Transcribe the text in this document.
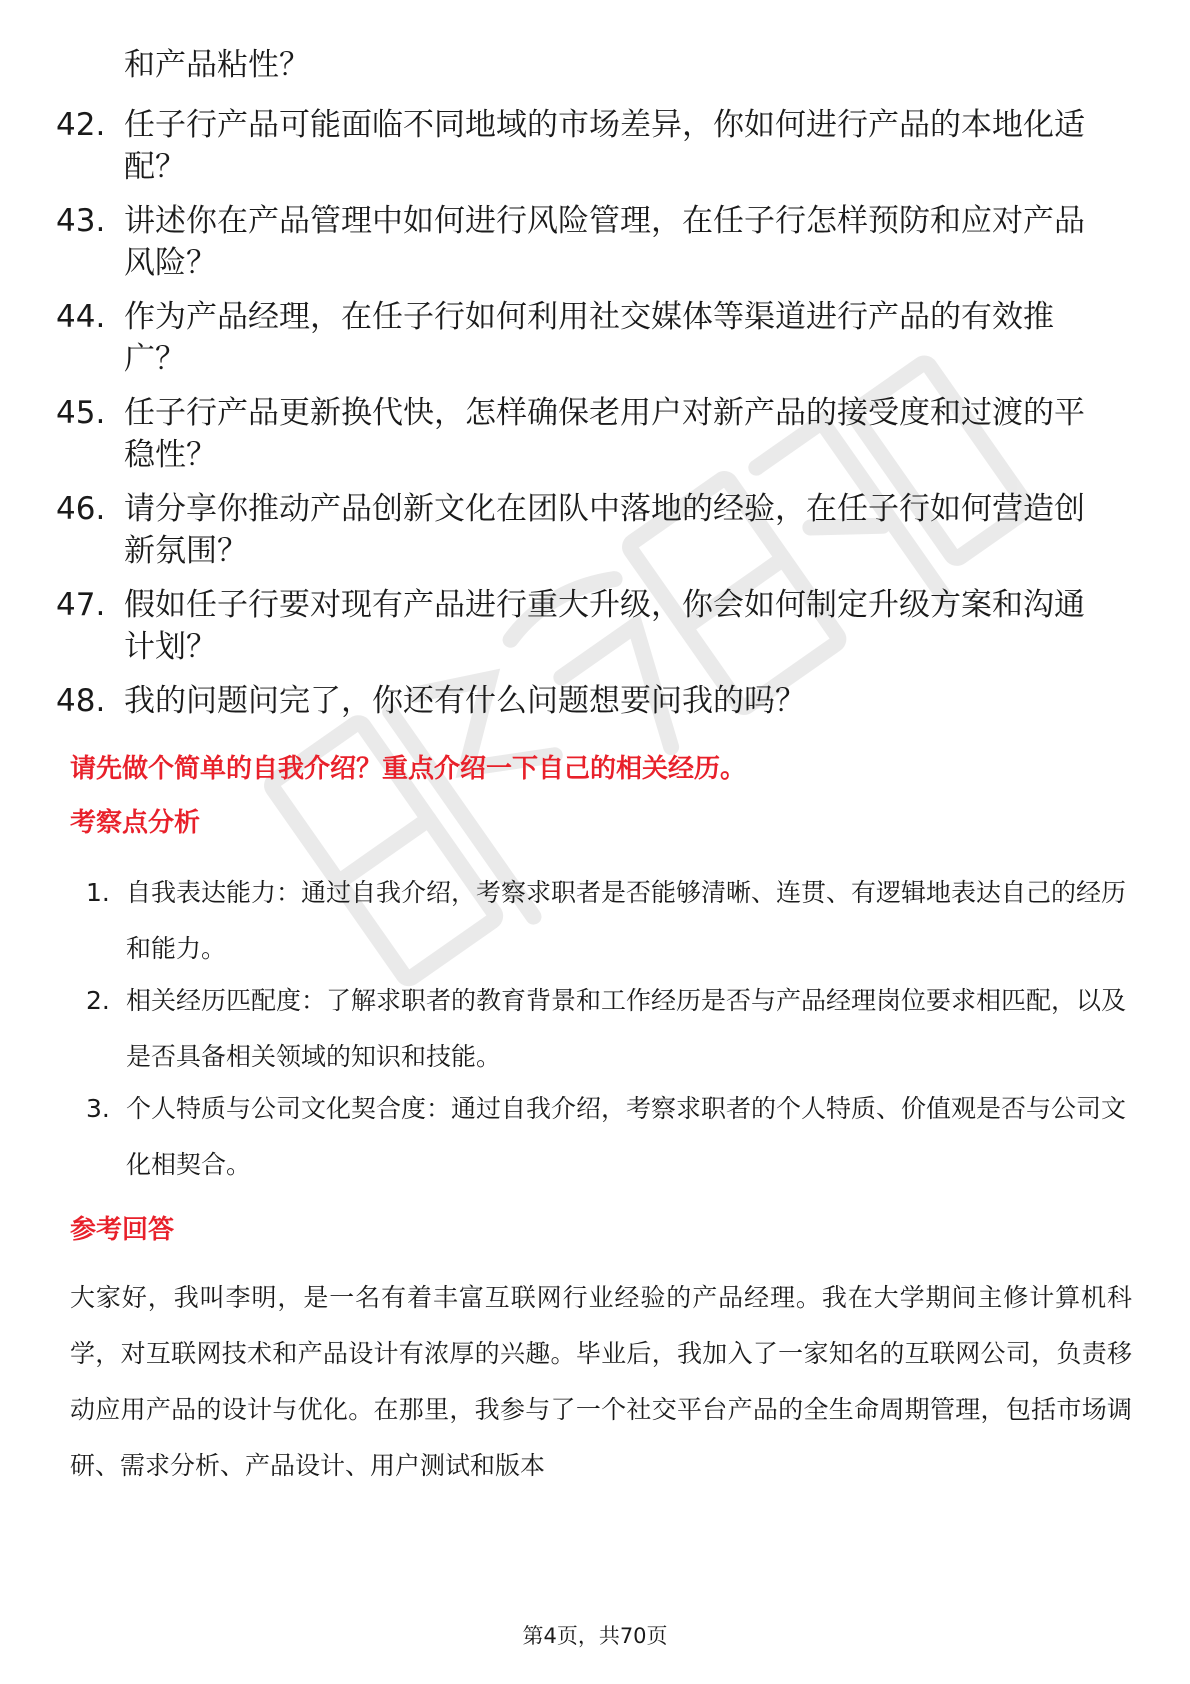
和产品粘性？

42. 任子行产品可能面临不同地域的市场差异，你如何进行产品的本地化适配？
43. 讲述你在产品管理中如何进行风险管理，在任子行怎样预防和应对产品风险？
44. 作为产品经理，在任子行如何利用社交媒体等渠道进行产品的有效推广？
45. 任子行产品更新换代快，怎样确保老用户对新产品的接受度和过渡的平稳性？
46. 请分享你推动产品创新文化在团队中落地的经验，在任子行如何营造创新氛围？
47. 假如任子行要对现有产品进行重大升级，你会如何制定升级方案和沟通计划？
48. 我的问题问完了，你还有什么问题想要问我的吗？

请先做个简单的自我介绍？重点介绍一下自己的相关经历。

考察点分析

1. 自我表达能力：通过自我介绍，考察求职者是否能够清晰、连贯、有逻辑地表达自己的经历和能力。
2. 相关经历匹配度：了解求职者的教育背景和工作经历是否与产品经理岗位要求相匹配，以及是否具备相关领域的知识和技能。
3. 个人特质与公司文化契合度：通过自我介绍，考察求职者的个人特质、价值观是否与公司文化相契合。

参考回答

大家好，我叫李明，是一名有着丰富互联网行业经验的产品经理。我在大学期间主修计算机科学，对互联网技术和产品设计有浓厚的兴趣。毕业后，我加入了一家知名的互联网公司，负责移动应用产品的设计与优化。在那里，我参与了一个社交平台产品的全生命周期管理，包括市场调研、需求分析、产品设计、用户测试和版本

第4页，共70页
